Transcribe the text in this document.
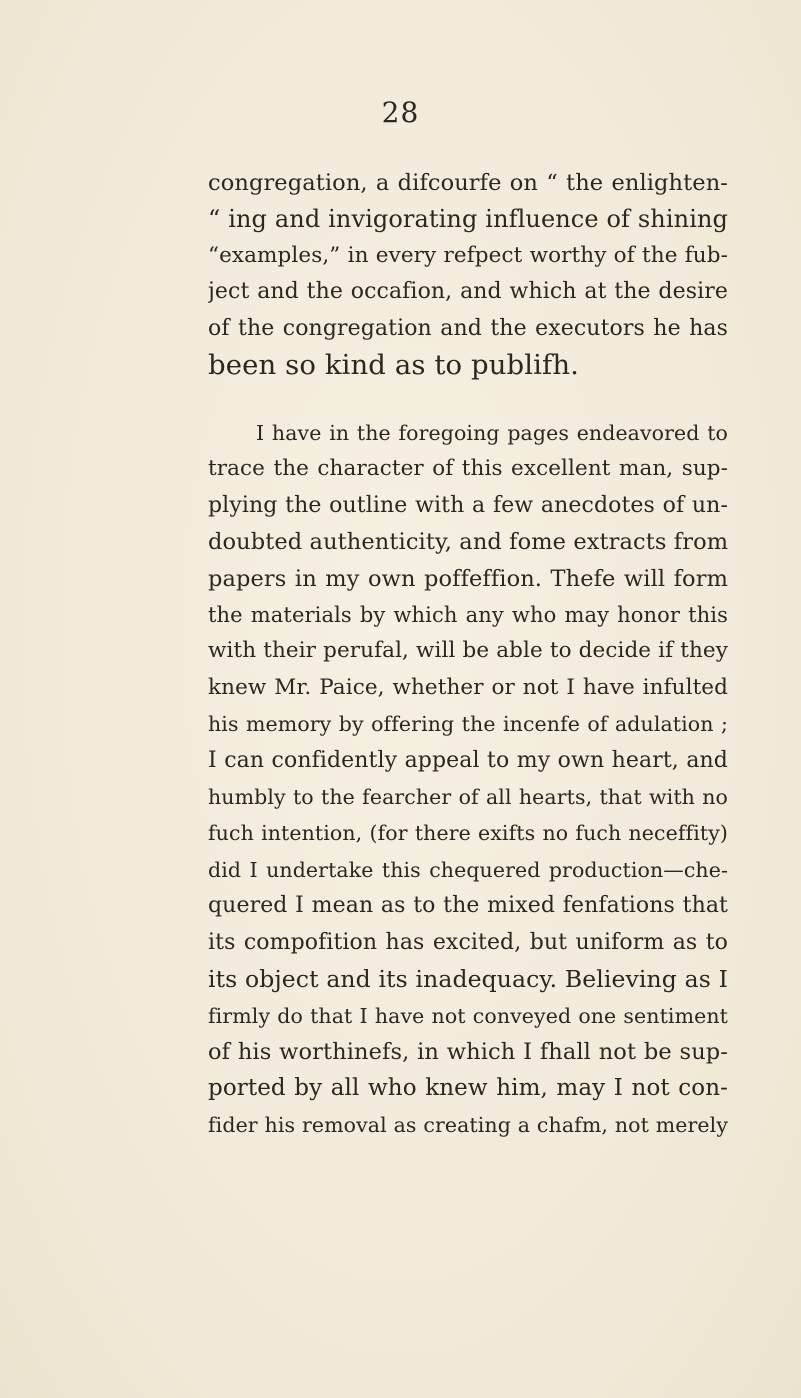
28
congregation, a difcourfe on “ the enlighten-
“ ing and invigorating influence of shining
“examples,” in every refpect worthy of the fub-
ject and the occafion, and which at the desire
of the congregation and the executors he has
been so kind as to publifh.
I have in the foregoing pages endeavored to
trace the character of this excellent man, sup-
plying the outline with a few anecdotes of un-
doubted authenticity, and fome extracts from
papers in my own poffeffion. Thefe will form
the materials by which any who may honor this
with their perufal, will be able to decide if they
knew Mr. Paice, whether or not I have infulted
his memory by offering the incenfe of adulation ;
I can confidently appeal to my own heart, and
humbly to the fearcher of all hearts, that with no
fuch intention, (for there exifts no fuch neceffity)
did I undertake this chequered production—che-
quered I mean as to the mixed fenfations that
its compofition has excited, but uniform as to
its object and its inadequacy. Believing as I
firmly do that I have not conveyed one sentiment
of his worthinefs, in which I fhall not be sup-
ported by all who knew him, may I not con-
fider his removal as creating a chafm, not merely
